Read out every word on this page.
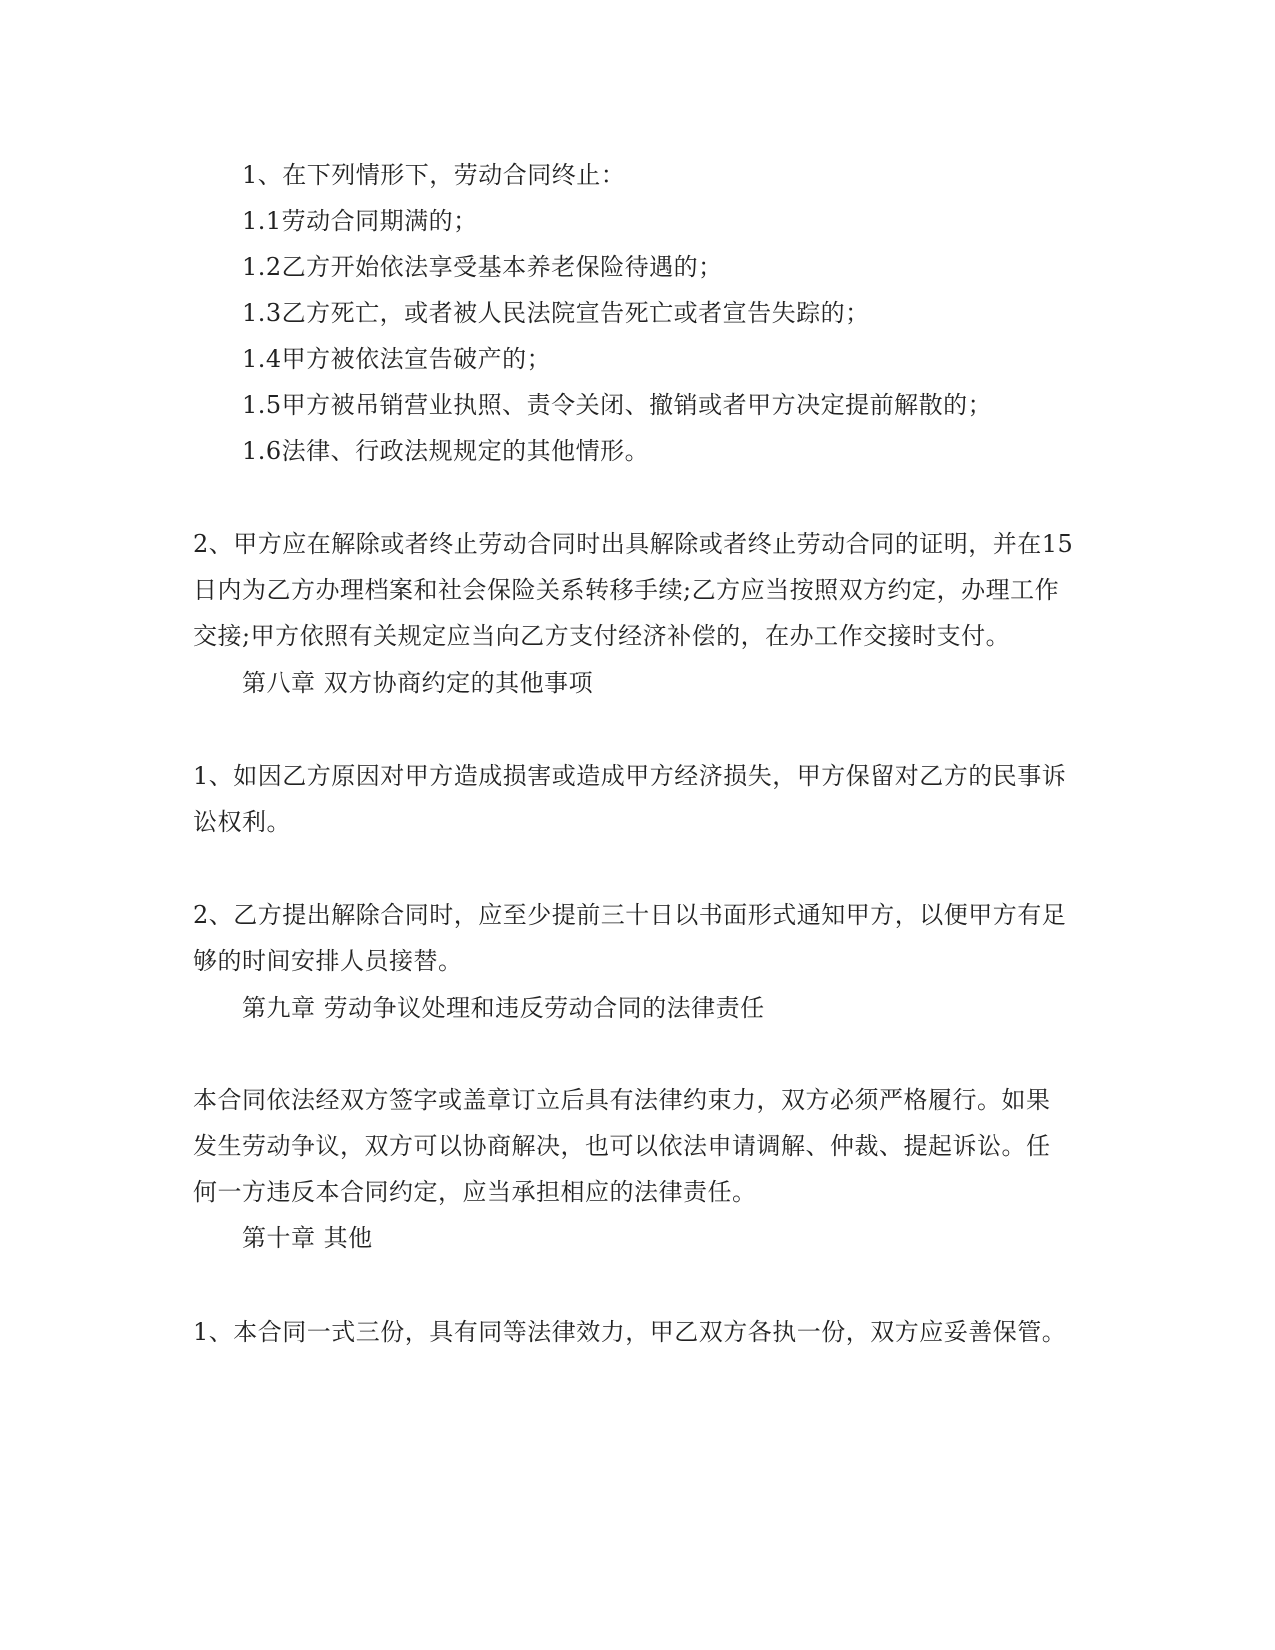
1、在下列情形下，劳动合同终止：
1.1劳动合同期满的；
1.2乙方开始依法享受基本养老保险待遇的；
1.3乙方死亡，或者被人民法院宣告死亡或者宣告失踪的；
1.4甲方被依法宣告破产的；
1.5甲方被吊销营业执照、责令关闭、撤销或者甲方决定提前解散的；
1.6法律、行政法规规定的其他情形。
2、甲方应在解除或者终止劳动合同时出具解除或者终止劳动合同的证明，并在15
日内为乙方办理档案和社会保险关系转移手续;乙方应当按照双方约定，办理工作
交接;甲方依照有关规定应当向乙方支付经济补偿的，在办工作交接时支付。
第八章 双方协商约定的其他事项
1、如因乙方原因对甲方造成损害或造成甲方经济损失，甲方保留对乙方的民事诉
讼权利。
2、乙方提出解除合同时，应至少提前三十日以书面形式通知甲方，以便甲方有足
够的时间安排人员接替。
第九章 劳动争议处理和违反劳动合同的法律责任
本合同依法经双方签字或盖章订立后具有法律约束力，双方必须严格履行。如果
发生劳动争议，双方可以协商解决，也可以依法申请调解、仲裁、提起诉讼。任
何一方违反本合同约定，应当承担相应的法律责任。
第十章 其他
1、本合同一式三份，具有同等法律效力，甲乙双方各执一份，双方应妥善保管。
